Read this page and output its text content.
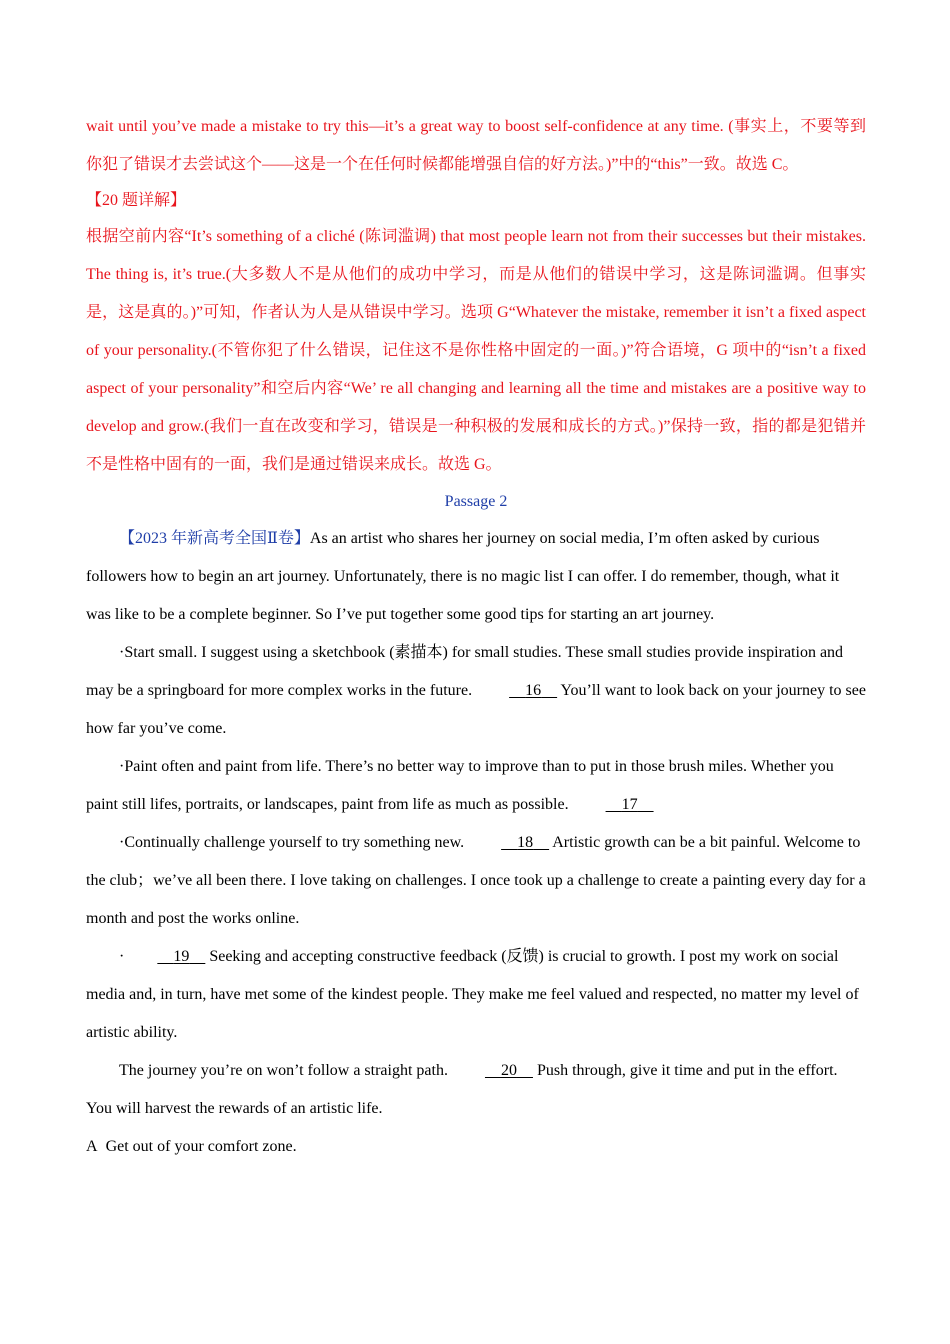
wait until you’ve made a mistake to try this—it’s a great way to boost self-confidence at any time. (事实上，不要等到你犯了错误才去尝试这个——这是一个在任何时候都能增强自信的好方法。)”中的“this”一致。故选 C。

【20 题详解】

根据空前内容“It’s something of a cliché (陈词滥调) that most people learn not from their successes but their mistakes. The thing is, it’s true.(大多数人不是从他们的成功中学习，而是从他们的错误中学习，这是陈词滥调。但事实是，这是真的。)”可知，作者认为人是从错误中学习。选项 G“Whatever the mistake, remember it isn’t a fixed aspect of your personality.(不管你犯了什么错误，记住这不是你性格中固定的一面。)”符合语境，G 项中的“isn’t a fixed aspect of your personality”和空后内容“We’ re all changing and learning all the time and mistakes are a positive way to develop and grow.(我们一直在改变和学习，错误是一种积极的发展和成长的方式。)”保持一致，指的都是犯错并不是性格中固有的一面，我们是通过错误来成长。故选 G。

Passage 2

【2023 年新高考全国Ⅱ卷】As an artist who shares her journey on social media, I’m often asked by curious followers how to begin an art journey. Unfortunately, there is no magic list I can offer. I do remember, though, what it was like to be a complete beginner. So I’ve put together some good tips for starting an art journey.

·Start small. I suggest using a sketchbook (素描本) for small studies. These small studies provide inspiration and may be a springboard for more complex works in the future.	16 You’ll want to look back on your journey to see how far you’ve come.

·Paint often and paint from life. There’s no better way to improve than to put in those brush miles. Whether you paint still lifes, portraits, or landscapes, paint from life as much as possible.	17

·Continually challenge yourself to try something new.	18 Artistic growth can be a bit painful. Welcome to the club；we’ve all been there. I love taking on challenges. I once took up a challenge to create a painting every day for a month and post the works online.

·	19 Seeking and accepting constructive feedback (反馈) is crucial to growth. I post my work on social media and, in turn, have met some of the kindest people. They make me feel valued and respected, no matter my level of artistic ability.

The journey you’re on won’t follow a straight path.	20 Push through, give it time and put in the effort. You will harvest the rewards of an artistic life.

A Get out of your comfort zone.
